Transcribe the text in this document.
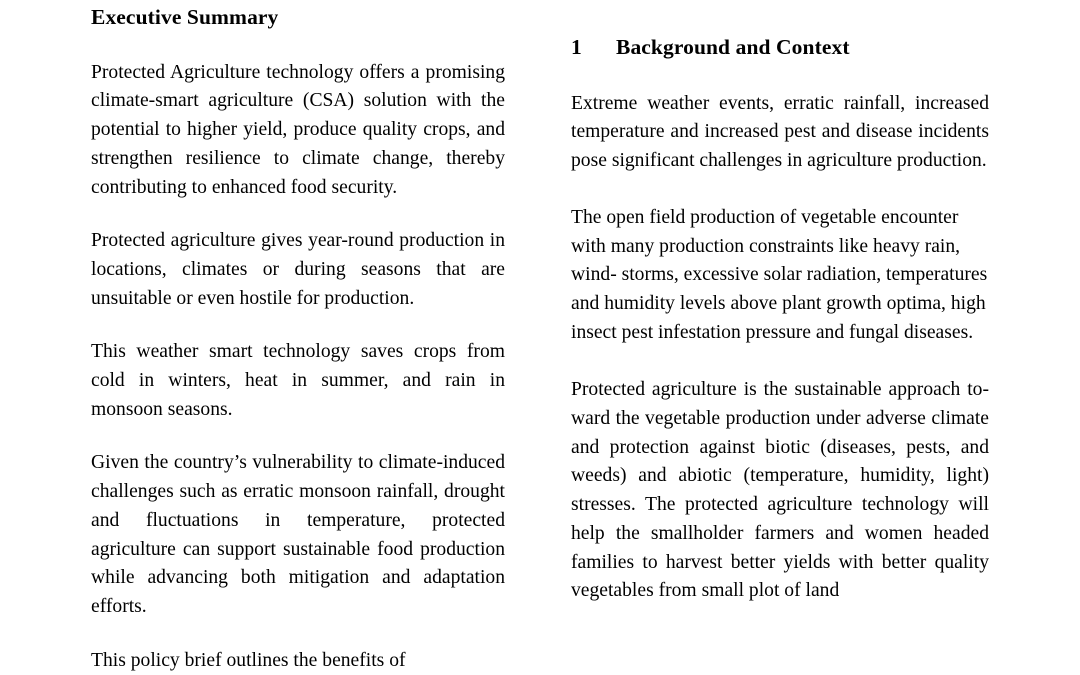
Executive Summary

Protected Agriculture technology offers a promising climate-smart agriculture (CSA) solution with the potential to higher yield, produce quality crops, and strengthen resilience to climate change, thereby contributing to enhanced food security.

Protected agriculture gives year-round production in locations, climates or during seasons that are unsuitable or even hostile for production.

This weather smart technology saves crops from cold in winters, heat in summer, and rain in monsoon seasons.

Given the country’s vulnerability to climate-induced challenges such as erratic monsoon rainfall, drought and fluctuations in temperature, protected agriculture can support sustainable food production while advancing both mitigation and adaptation efforts.

This policy brief outlines the benefits of

1 Background and Context

Extreme weather events, erratic rainfall, increased temperature and increased pest and disease incidents pose significant challenges in agriculture production.

The open field production of vegetable encounter with many production constraints like heavy rain, wind- storms, excessive solar radiation, temperatures and humidity levels above plant growth optima, high insect pest infestation pressure and fungal diseases.

Protected agriculture is the sustainable approach to- ward the vegetable production under adverse climate and protection against biotic (diseases, pests, and weeds) and abiotic (temperature, humidity, light) stresses. The protected agriculture technology will help the smallholder farmers and women headed families to harvest better yields with better quality vegetables from small plot of land
